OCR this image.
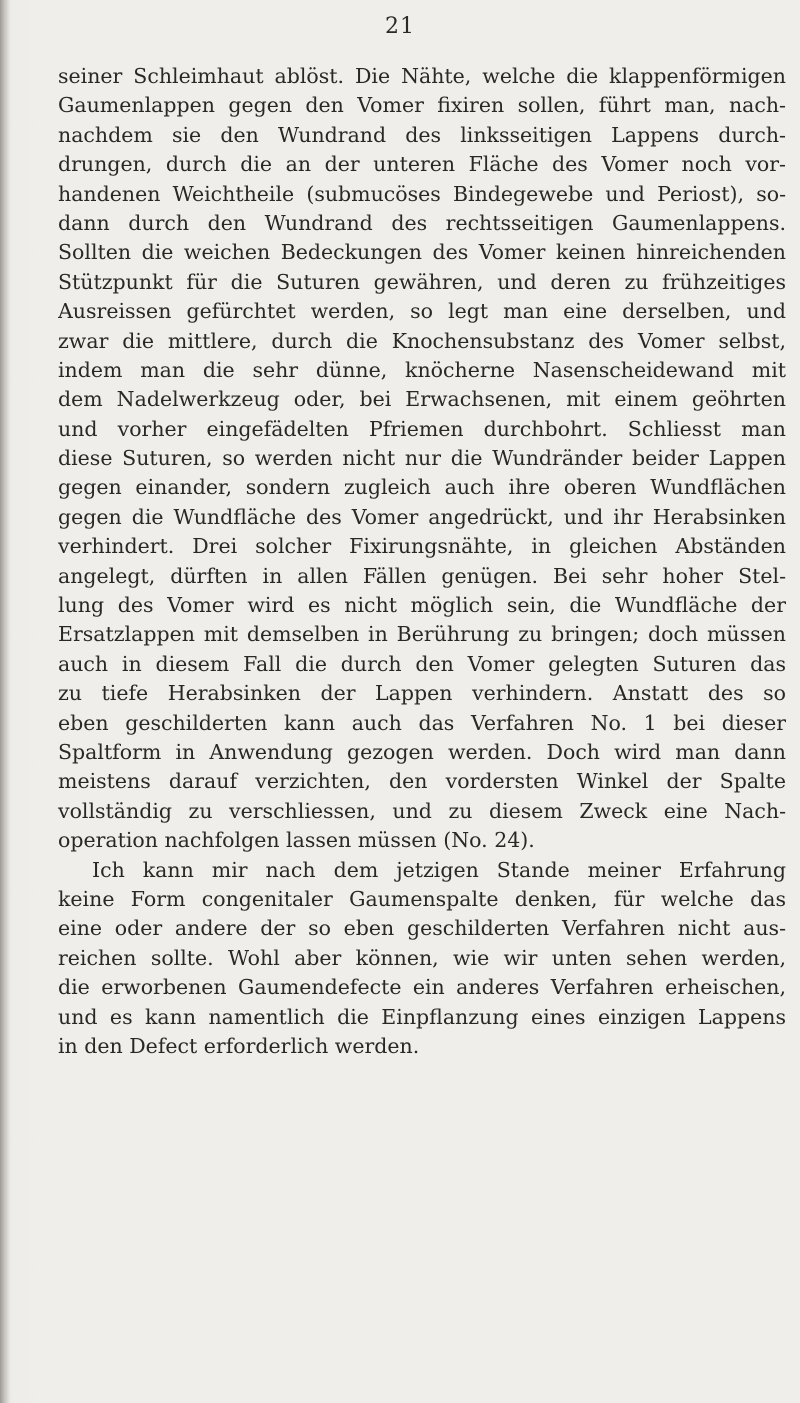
21
seiner Schleimhaut ablöst. Die Nähte, welche die klappenförmigen
Gaumenlappen gegen den Vomer fixiren sollen, führt man, nach-
nachdem sie den Wundrand des linksseitigen Lappens durch-
drungen, durch die an der unteren Fläche des Vomer noch vor-
handenen Weichtheile (submucöses Bindegewebe und Periost), so-
dann durch den Wundrand des rechtsseitigen Gaumenlappens.
Sollten die weichen Bedeckungen des Vomer keinen hinreichenden
Stützpunkt für die Suturen gewähren, und deren zu frühzeitiges
Ausreissen gefürchtet werden, so legt man eine derselben, und
zwar die mittlere, durch die Knochensubstanz des Vomer selbst,
indem man die sehr dünne, knöcherne Nasenscheidewand mit
dem Nadelwerkzeug oder, bei Erwachsenen, mit einem geöhrten
und vorher eingefädelten Pfriemen durchbohrt. Schliesst man
diese Suturen, so werden nicht nur die Wundränder beider Lappen
gegen einander, sondern zugleich auch ihre oberen Wundflächen
gegen die Wundfläche des Vomer angedrückt, und ihr Herabsinken
verhindert. Drei solcher Fixirungsnähte, in gleichen Abständen
angelegt, dürften in allen Fällen genügen. Bei sehr hoher Stel-
lung des Vomer wird es nicht möglich sein, die Wundfläche der
Ersatzlappen mit demselben in Berührung zu bringen; doch müssen
auch in diesem Fall die durch den Vomer gelegten Suturen das
zu tiefe Herabsinken der Lappen verhindern. Anstatt des so
eben geschilderten kann auch das Verfahren No. 1 bei dieser
Spaltform in Anwendung gezogen werden. Doch wird man dann
meistens darauf verzichten, den vordersten Winkel der Spalte
vollständig zu verschliessen, und zu diesem Zweck eine Nach-
operation nachfolgen lassen müssen (No. 24).
Ich kann mir nach dem jetzigen Stande meiner Erfahrung
keine Form congenitaler Gaumenspalte denken, für welche das
eine oder andere der so eben geschilderten Verfahren nicht aus-
reichen sollte. Wohl aber können, wie wir unten sehen werden,
die erworbenen Gaumendefecte ein anderes Verfahren erheischen,
und es kann namentlich die Einpflanzung eines einzigen Lappens
in den Defect erforderlich werden.
